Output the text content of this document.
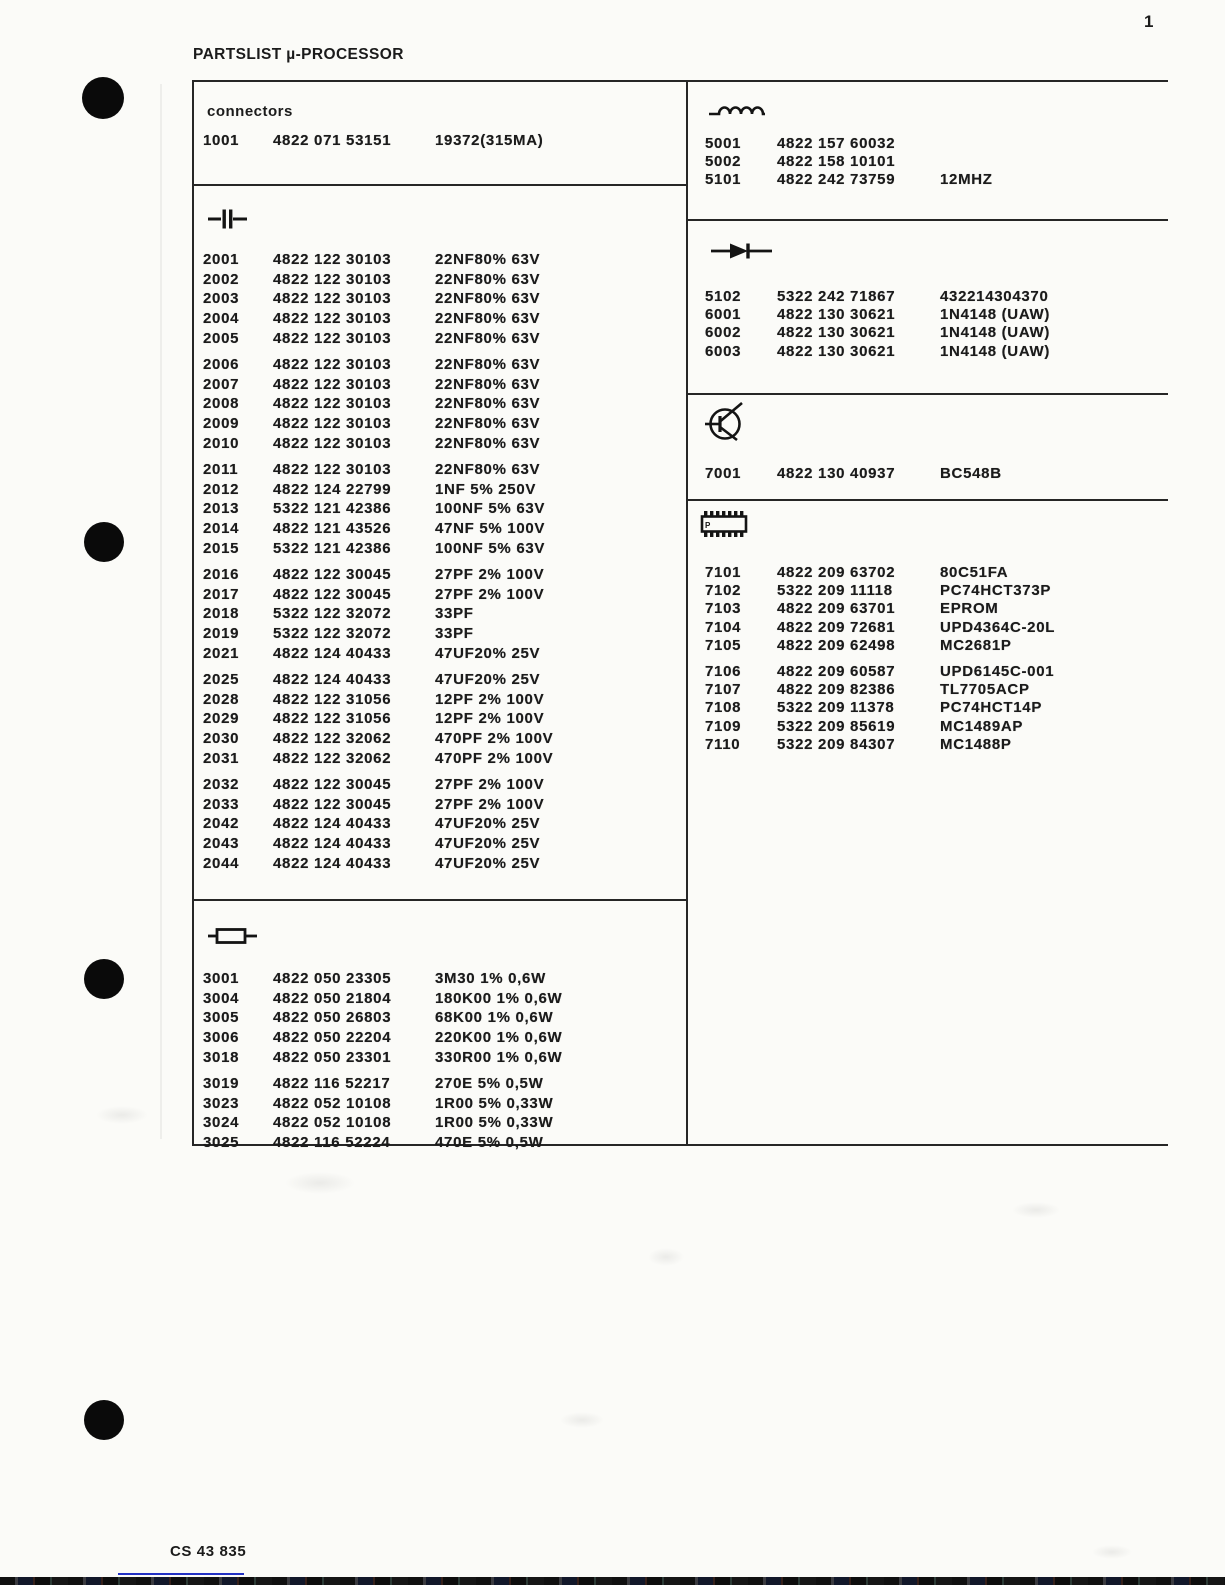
1
PARTSLIST µ-PROCESSOR
connectors
1001	4822 071 53151	19372(315MA)
2001	4822 122 30103	22NF80% 63V
2002	4822 122 30103	22NF80% 63V
2003	4822 122 30103	22NF80% 63V
2004	4822 122 30103	22NF80% 63V
2005	4822 122 30103	22NF80% 63V
2006	4822 122 30103	22NF80% 63V
2007	4822 122 30103	22NF80% 63V
2008	4822 122 30103	22NF80% 63V
2009	4822 122 30103	22NF80% 63V
2010	4822 122 30103	22NF80% 63V
2011	4822 122 30103	22NF80% 63V
2012	4822 124 22799	1NF 5% 250V
2013	5322 121 42386	100NF 5% 63V
2014	4822 121 43526	47NF 5% 100V
2015	5322 121 42386	100NF 5% 63V
2016	4822 122 30045	27PF 2% 100V
2017	4822 122 30045	27PF 2% 100V
2018	5322 122 32072	33PF
2019	5322 122 32072	33PF
2021	4822 124 40433	47UF20% 25V
2025	4822 124 40433	47UF20% 25V
2028	4822 122 31056	12PF 2% 100V
2029	4822 122 31056	12PF 2% 100V
2030	4822 122 32062	470PF 2% 100V
2031	4822 122 32062	470PF 2% 100V
2032	4822 122 30045	27PF 2% 100V
2033	4822 122 30045	27PF 2% 100V
2042	4822 124 40433	47UF20% 25V
2043	4822 124 40433	47UF20% 25V
2044	4822 124 40433	47UF20% 25V
3001	4822 050 23305	3M30 1% 0,6W
3004	4822 050 21804	180K00 1% 0,6W
3005	4822 050 26803	68K00 1% 0,6W
3006	4822 050 22204	220K00 1% 0,6W
3018	4822 050 23301	330R00 1% 0,6W
3019	4822 116 52217	270E 5% 0,5W
3023	4822 052 10108	1R00 5% 0,33W
3024	4822 052 10108	1R00 5% 0,33W
3025	4822 116 52224	470E 5% 0,5W
5001	4822 157 60032
5002	4822 158 10101
5101	4822 242 73759	12MHZ
5102	5322 242 71867	432214304370
6001	4822 130 30621	1N4148 (UAW)
6002	4822 130 30621	1N4148 (UAW)
6003	4822 130 30621	1N4148 (UAW)
7001	4822 130 40937	BC548B
P
7101	4822 209 63702	80C51FA
7102	5322 209 11118	PC74HCT373P
7103	4822 209 63701	EPROM
7104	4822 209 72681	UPD4364C-20L
7105	4822 209 62498	MC2681P
7106	4822 209 60587	UPD6145C-001
7107	4822 209 82386	TL7705ACP
7108	5322 209 11378	PC74HCT14P
7109	5322 209 85619	MC1489AP
7110	5322 209 84307	MC1488P
CS 43 835
